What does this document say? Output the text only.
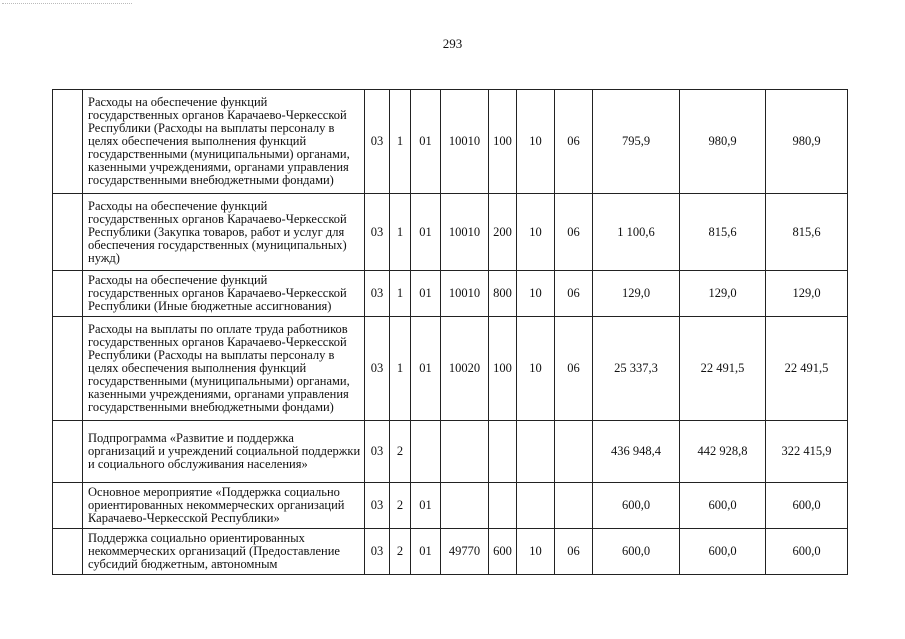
293
	Расходы на обеспечение функций государственных органов Карачаево-Черкесской Республики (Расходы на выплаты персоналу в целях обеспечения выполнения функций государственными (муниципальными) органами, казенными учреждениями, органами управления государственными внебюджетными фондами)	03	1	01	10010	100	10	06	795,9	980,9	980,9
	Расходы на обеспечение функций государственных органов Карачаево-Черкесской Республики (Закупка товаров, работ и услуг для обеспечения государственных (муниципальных) нужд)	03	1	01	10010	200	10	06	1 100,6	815,6	815,6
	Расходы на обеспечение функций государственных органов Карачаево-Черкесской Республики (Иные бюджетные ассигнования)	03	1	01	10010	800	10	06	129,0	129,0	129,0
	Расходы на выплаты по оплате труда работников государственных органов Карачаево-Черкесской Республики (Расходы на выплаты персоналу в целях обеспечения выполнения функций государственными (муниципальными) органами, казенными учреждениями, органами управления государственными внебюджетными фондами)	03	1	01	10020	100	10	06	25 337,3	22 491,5	22 491,5
	Подпрограмма «Развитие и поддержка организаций и учреждений социальной поддержки и социального обслуживания населения»	03	2						436 948,4	442 928,8	322 415,9
	Основное мероприятие «Поддержка социально ориентированных некоммерческих организаций Карачаево-Черкесской Республики»	03	2	01					600,0	600,0	600,0
	Поддержка социально ориентированных некоммерческих организаций (Предоставление субсидий бюджетным, автономным	03	2	01	49770	600	10	06	600,0	600,0	600,0
